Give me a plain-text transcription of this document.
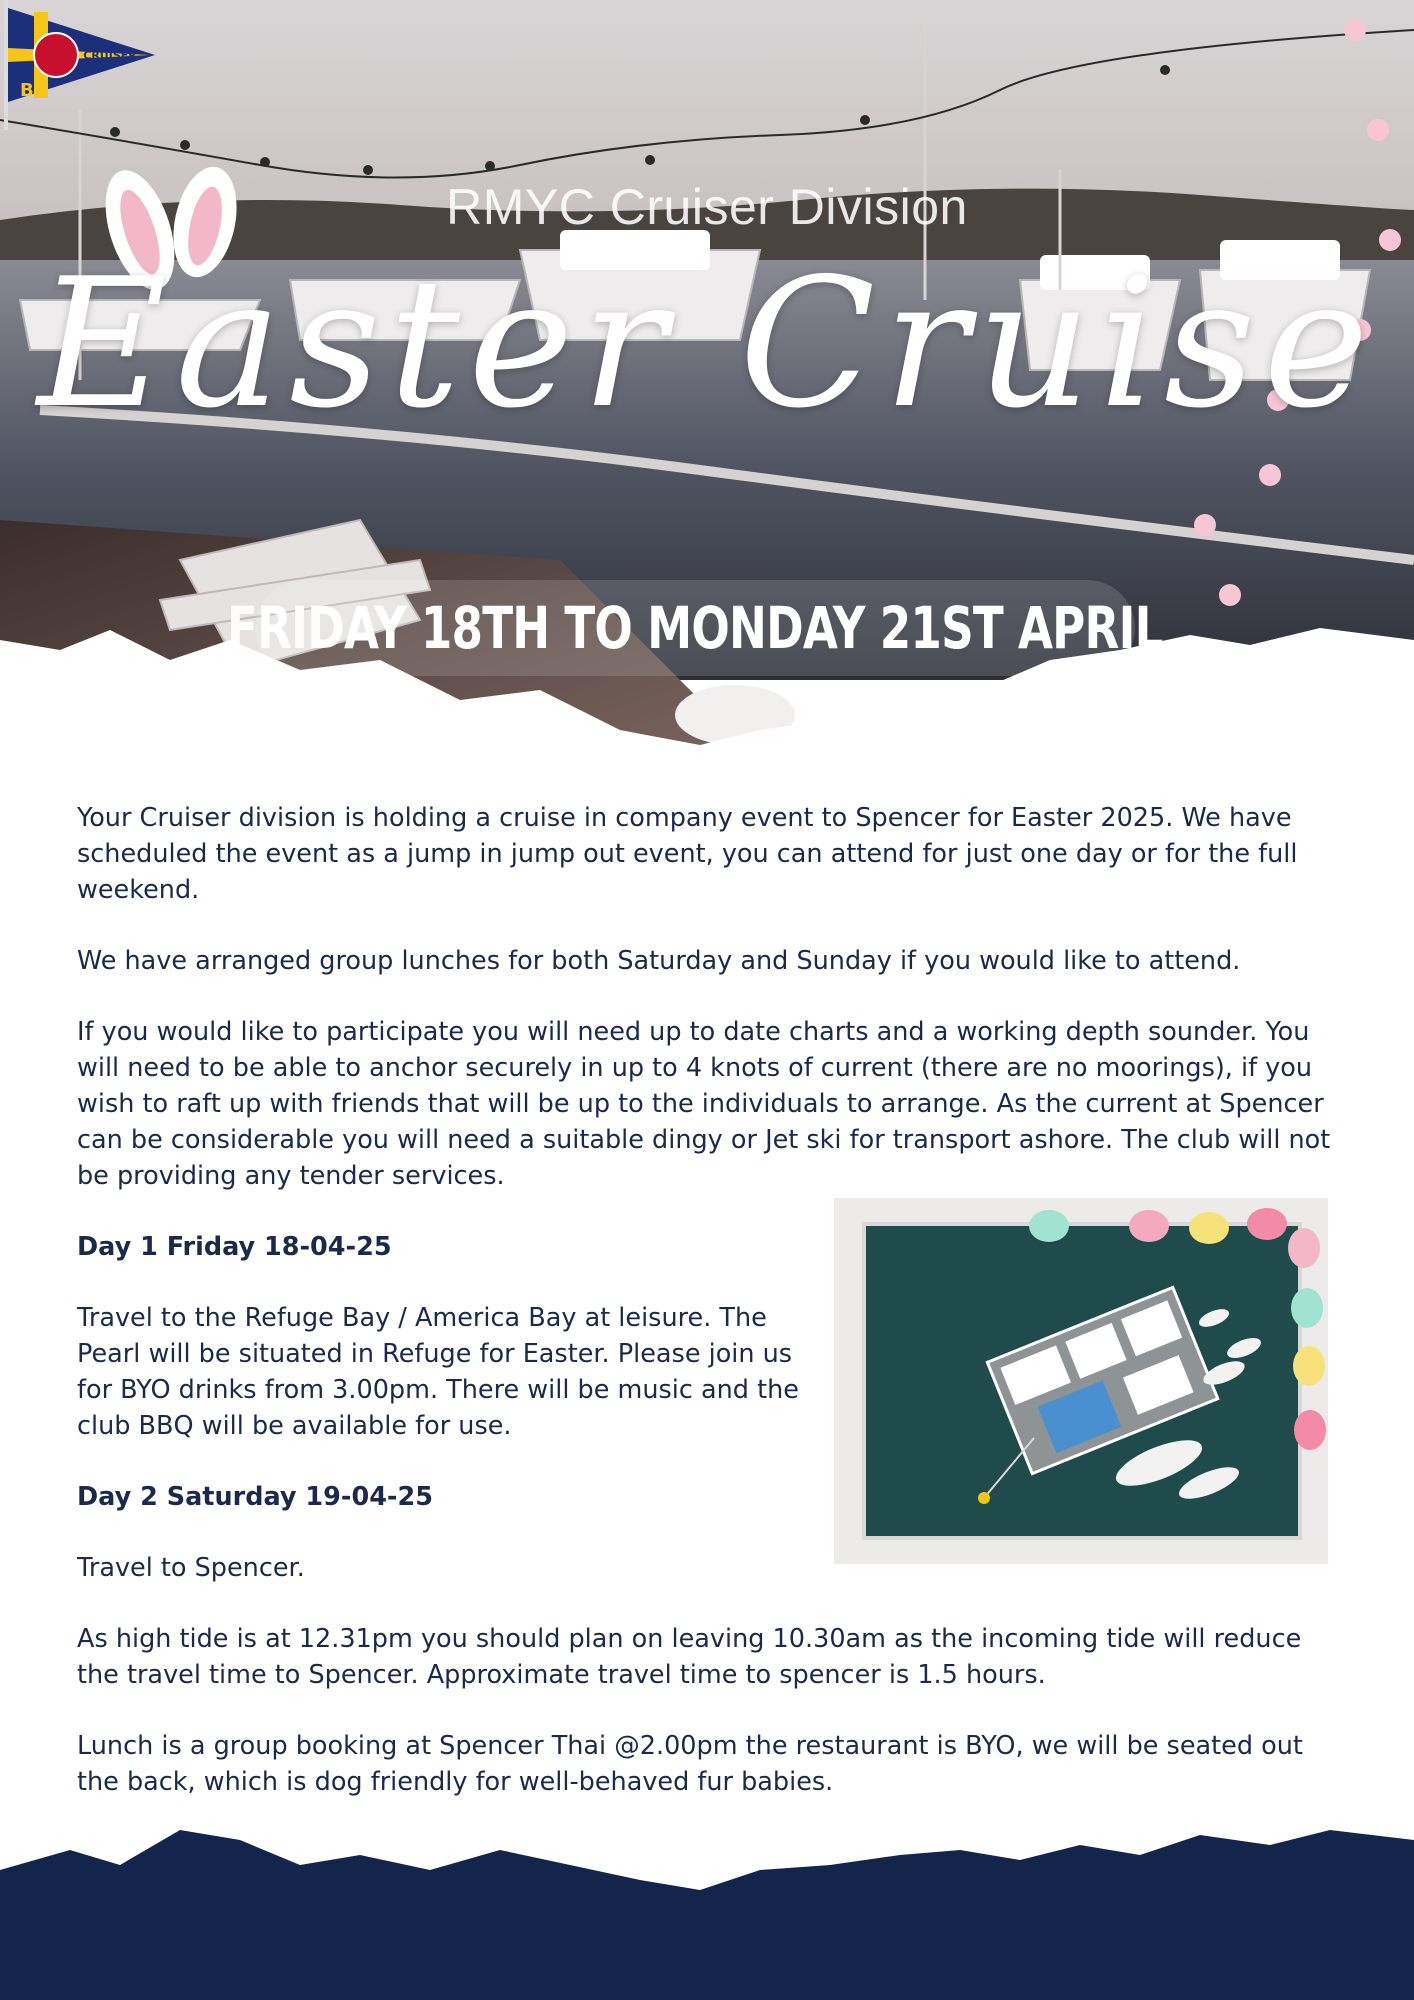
CRUISER
B
RMYC Cruiser Division
Easter Cruise
FRIDAY 18TH TO MONDAY 21ST APRIL

Your Cruiser division is holding a cruise in company event to Spencer for Easter 2025. We have scheduled the event as a jump in jump out event, you can attend for just one day or for the full weekend.

We have arranged group lunches for both Saturday and Sunday if you would like to attend.

If you would like to participate you will need up to date charts and a working depth sounder. You will need to be able to anchor securely in up to 4 knots of current (there are no moorings), if you wish to raft up with friends that will be up to the individuals to arrange. As the current at Spencer can be considerable you will need a suitable dingy or Jet ski for transport ashore. The club will not be providing any tender services.

Day 1 Friday 18-04-25

Travel to the Refuge Bay / America Bay at leisure. The Pearl will be situated in Refuge for Easter. Please join us for BYO drinks from 3.00pm. There will be music and the club BBQ will be available for use.

Day 2 Saturday 19-04-25

Travel to Spencer.

As high tide is at 12.31pm you should plan on leaving 10.30am as the incoming tide will reduce the travel time to Spencer. Approximate travel time to spencer is 1.5 hours.

Lunch is a group booking at Spencer Thai @2.00pm the restaurant is BYO, we will be seated out the back, which is dog friendly for well-behaved fur babies.
